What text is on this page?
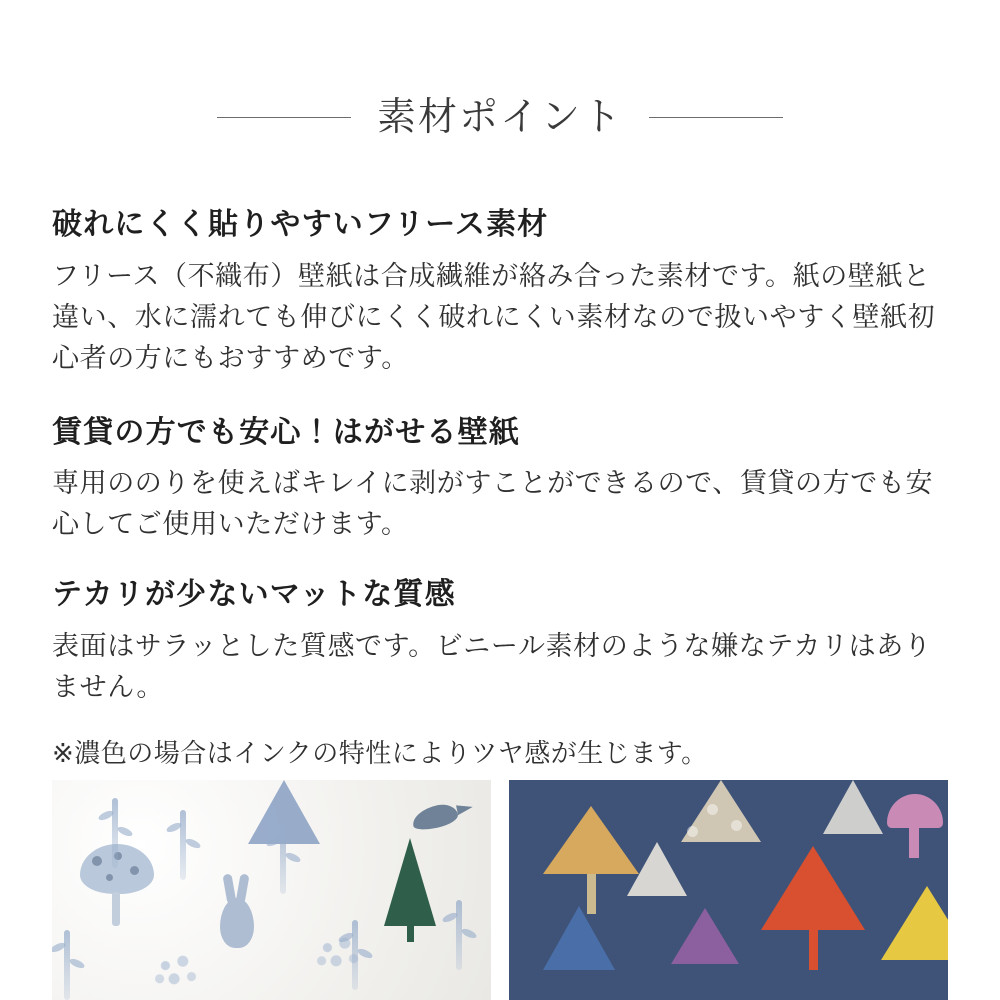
素材ポイント
破れにくく貼りやすいフリース素材

フリース（不織布）壁紙は合成繊維が絡み合った素材です。紙の壁紙と違い、水に濡れても伸びにくく破れにくい素材なので扱いやすく壁紙初心者の方にもおすすめです。

賃貸の方でも安心！はがせる壁紙

専用ののりを使えばキレイに剥がすことができるので、賃貸の方でも安心してご使用いただけます。

テカリが少ないマットな質感

表面はサラッとした質感です。ビニール素材のような嫌なテカリはありません。

※濃色の場合はインクの特性によりツヤ感が生じます。
